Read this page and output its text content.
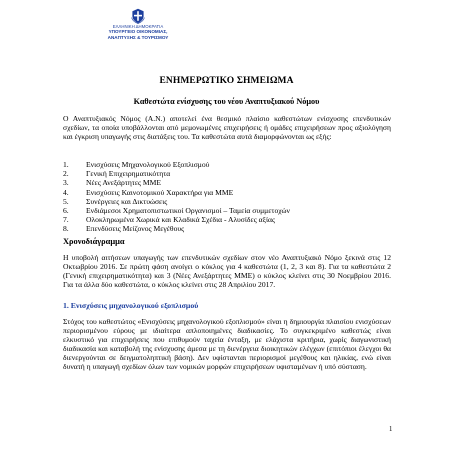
ΕΛΛΗΝΙΚΗ ΔΗΜΟΚΡΑΤΙΑ
ΥΠΟΥΡΓΕΙΟ ΟΙΚΟΝΟΜΙΑΣ,
ΑΝΑΠΤΥΞΗΣ & ΤΟΥΡΙΣΜΟΥ
ΕΝΗΜΕΡΩΤΙΚΟ ΣΗΜΕΙΩΜΑ
Καθεστώτα ενίσχυσης του νέου Αναπτυξιακού Νόμου
Ο Αναπτυξιακός Νόμος (Α.Ν.) αποτελεί ένα θεσμικό πλαίσιο καθεστώτων ενίσχυσης επενδυτικών σχεδίων, τα οποία υποβάλλονται από μεμονωμένες επιχειρήσεις ή ομάδες επιχειρήσεων προς αξιολόγηση και έγκριση υπαγωγής στις διατάξεις του. Τα καθεστώτα αυτά διαμορφώνονται ως εξής:
1. Ενισχύσεις Μηχανολογικού Εξοπλισμού
2. Γενική Επιχειρηματικότητα
3. Νέες Ανεξάρτητες ΜΜΕ
4. Ενισχύσεις Καινοτομικού Χαρακτήρα για ΜΜΕ
5. Συνέργειες και Δικτυώσεις
6. Ενδιάμεσοι Χρηματοπιστωτικοί Οργανισμοί – Ταμεία συμμετοχών
7. Ολοκληρωμένα Χωρικά και Κλαδικά Σχέδια - Αλυσίδες αξίας
8. Επενδύσεις Μείζονος Μεγέθους
Χρονοδιάγραμμα
Η υποβολή αιτήσεων υπαγωγής των επενδυτικών σχεδίων στον νέο Αναπτυξιακό Νόμο ξεκινά στις 12 Οκτωβρίου 2016. Σε πρώτη φάση ανοίγει ο κύκλος για 4 καθεστώτα (1, 2, 3 και 8). Για τα καθεστώτα 2 (Γενική επιχειρηματικότητα) και 3 (Νέες Ανεξάρτητες ΜΜΕ) ο κύκλος κλείνει στις 30 Νοεμβρίου 2016. Για τα άλλα δύο καθεστώτα, ο κύκλος κλείνει στις 28 Απριλίου 2017.
1. Ενισχύσεις μηχανολογικού εξοπλισμού
Στόχος του καθεστώτος «Ενισχύσεις μηχανολογικού εξοπλισμού» είναι η δημιουργία πλαισίου ενισχύσεων περιορισμένου εύρους με ιδιαίτερα απλοποιημένες διαδικασίες. Το συγκεκριμένο καθεστώς είναι ελκυστικό για επιχειρήσεις που επιθυμούν ταχεία ένταξη, με ελάχιστα κριτήρια, χωρίς διαγωνιστική διαδικασία και καταβολή της ενίσχυσης άμεσα με τη διενέργεια διοικητικών ελέγχων (επιτόπιοι έλεγχοι θα διενεργούνται σε δειγματοληπτική βάση). Δεν υφίστανται περιορισμοί μεγέθους και ηλικίας, ενώ είναι δυνατή η υπαγωγή σχεδίων όλων των νομικών μορφών επιχειρήσεων υφισταμένων ή υπό σύσταση.
1
